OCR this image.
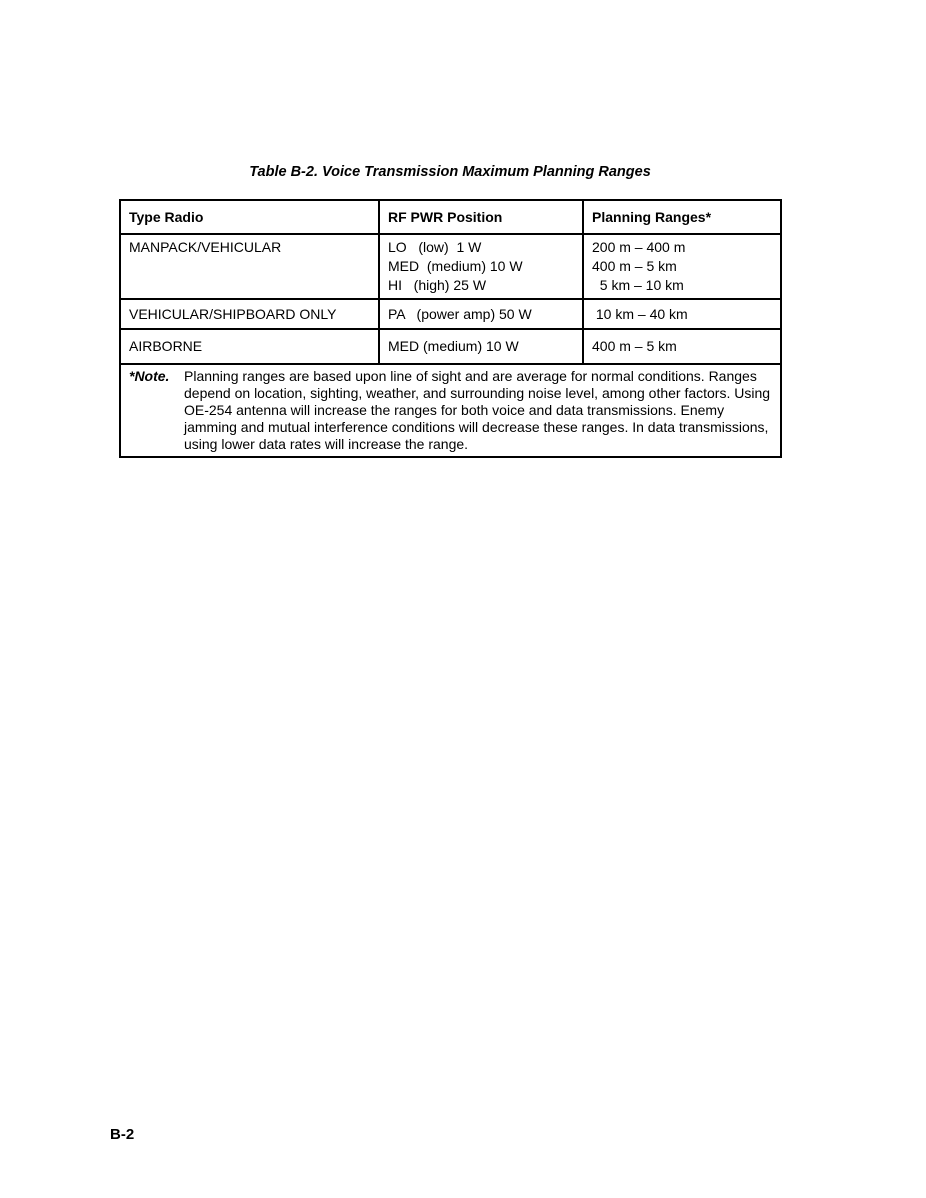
Table B-2. Voice Transmission Maximum Planning Ranges

Type Radio	RF PWR Position	Planning Ranges*
MANPACK/VEHICULAR	LO   (low)  1 W
MED  (medium) 10 W
HI   (high) 25 W	200 m – 400 m
400 m – 5 km
5 km – 10 km

VEHICULAR/SHIPBOARD ONLY	PA   (power amp) 50 W	10 km – 40 km

AIRBORNE	MED (medium) 10 W	400 m – 5 km

*Note. Planning ranges are based upon line of sight and are average for normal conditions. Ranges depend on location, sighting, weather, and surrounding noise level, among other factors. Using OE-254 antenna will increase the ranges for both voice and data transmissions. Enemy jamming and mutual interference conditions will decrease these ranges. In data transmissions, using lower data rates will increase the range.		
B-2
